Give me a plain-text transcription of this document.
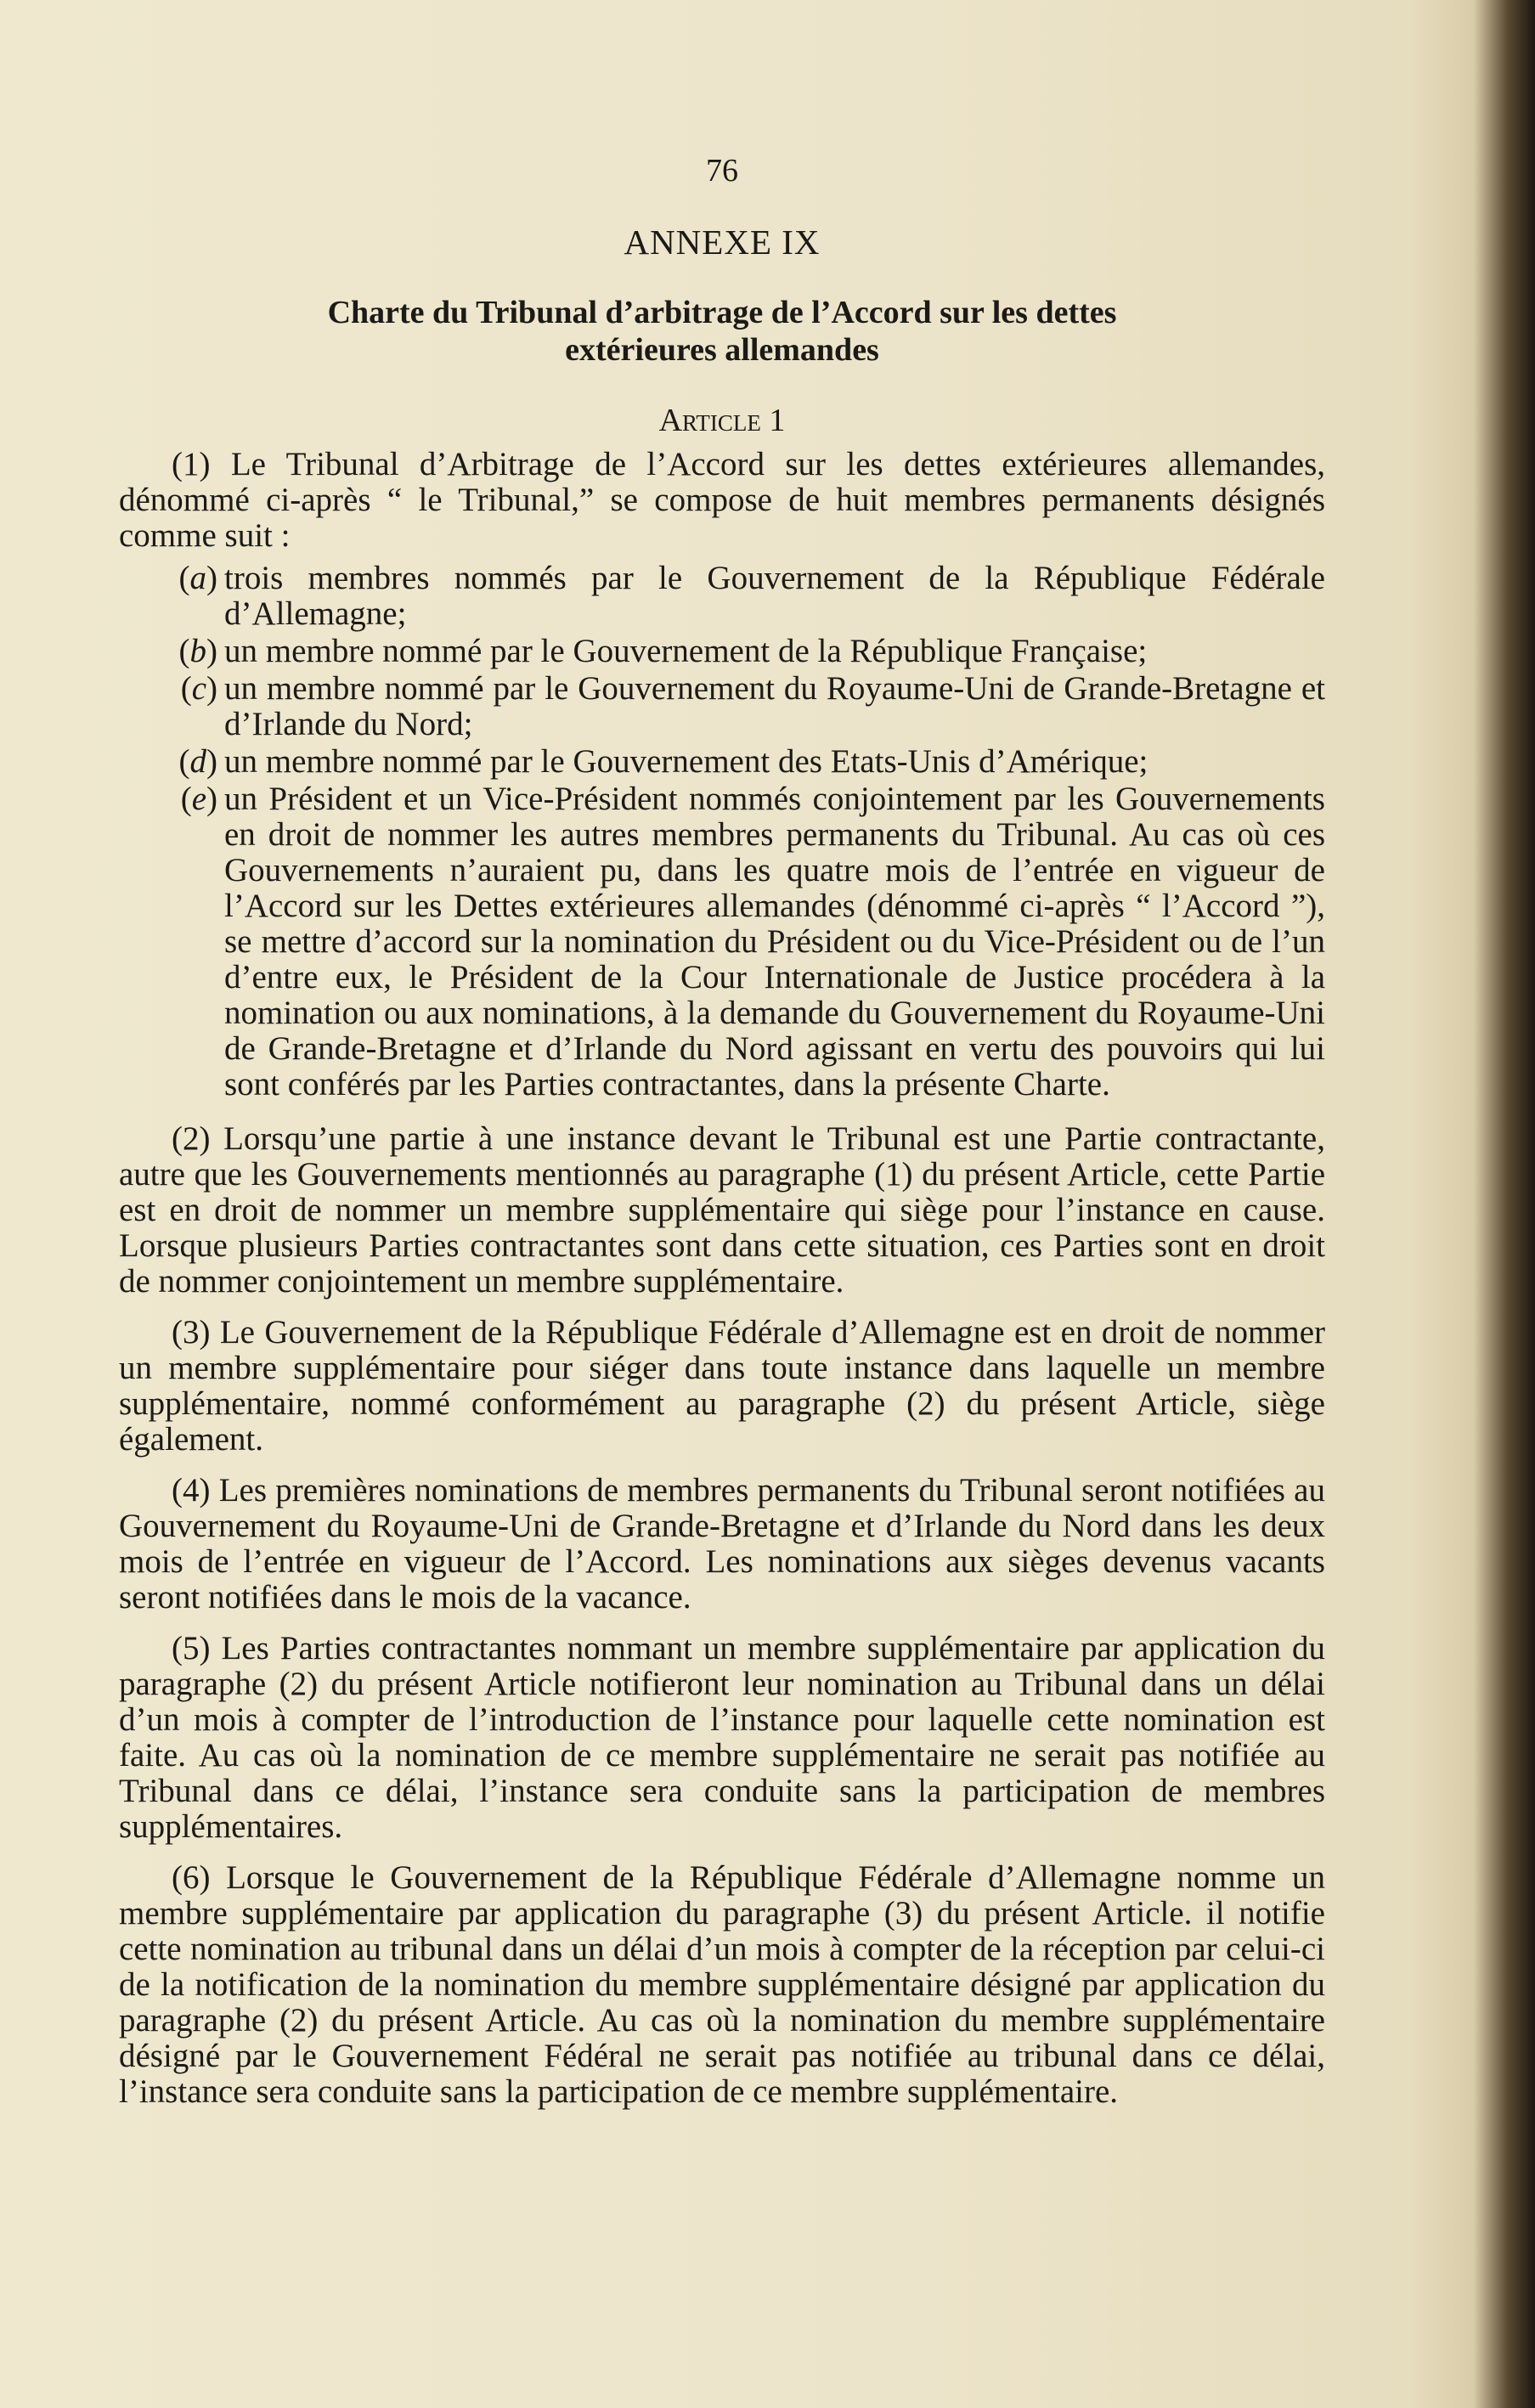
76
ANNEXE IX
Charte du Tribunal d’arbitrage de l’Accord sur les dettes extérieures allemandes
Article 1

(1) Le Tribunal d’Arbitrage de l’Accord sur les dettes extérieures allemandes, dénommé ci-après “ le Tribunal,” se compose de huit membres permanents désignés comme suit :

(a) trois membres nommés par le Gouvernement de la République Fédérale d’Allemagne;
(b) un membre nommé par le Gouvernement de la République Française;
(c) un membre nommé par le Gouvernement du Royaume-Uni de Grande-Bretagne et d’Irlande du Nord;
(d) un membre nommé par le Gouvernement des Etats-Unis d’Amérique;
(e) un Président et un Vice-Président nommés conjointement par les Gouvernements en droit de nommer les autres membres permanents du Tribunal. Au cas où ces Gouvernements n’auraient pu, dans les quatre mois de l’entrée en vigueur de l’Accord sur les Dettes extérieures allemandes (dénommé ci-après “ l’Accord ”), se mettre d’accord sur la nomination du Président ou du Vice-Président ou de l’un d’entre eux, le Président de la Cour Internationale de Justice procédera à la nomination ou aux nominations, à la demande du Gouvernement du Royaume-Uni de Grande-Bretagne et d’Irlande du Nord agissant en vertu des pouvoirs qui lui sont conférés par les Parties contractantes, dans la présente Charte.

(2) Lorsqu’une partie à une instance devant le Tribunal est une Partie contractante, autre que les Gouvernements mentionnés au paragraphe (1) du présent Article, cette Partie est en droit de nommer un membre supplémentaire qui siège pour l’instance en cause. Lorsque plusieurs Parties contractantes sont dans cette situation, ces Parties sont en droit de nommer conjointement un membre supplémentaire.

(3) Le Gouvernement de la République Fédérale d’Allemagne est en droit de nommer un membre supplémentaire pour siéger dans toute instance dans laquelle un membre supplémentaire, nommé conformément au paragraphe (2) du présent Article, siège également.

(4) Les premières nominations de membres permanents du Tribunal seront notifiées au Gouvernement du Royaume-Uni de Grande-Bretagne et d’Irlande du Nord dans les deux mois de l’entrée en vigueur de l’Accord. Les nominations aux sièges devenus vacants seront notifiées dans le mois de la vacance.

(5) Les Parties contractantes nommant un membre supplémentaire par application du paragraphe (2) du présent Article notifieront leur nomination au Tribunal dans un délai d’un mois à compter de l’introduction de l’instance pour laquelle cette nomination est faite. Au cas où la nomination de ce membre supplémentaire ne serait pas notifiée au Tribunal dans ce délai, l’instance sera conduite sans la participation de membres supplémentaires.

(6) Lorsque le Gouvernement de la République Fédérale d’Allemagne nomme un membre supplémentaire par application du paragraphe (3) du présent Article. il notifie cette nomination au tribunal dans un délai d’un mois à compter de la réception par celui-ci de la notification de la nomination du membre supplémentaire désigné par application du paragraphe (2) du présent Article. Au cas où la nomination du membre supplémentaire désigné par le Gouvernement Fédéral ne serait pas notifiée au tribunal dans ce délai, l’instance sera conduite sans la participation de ce membre supplémentaire.
